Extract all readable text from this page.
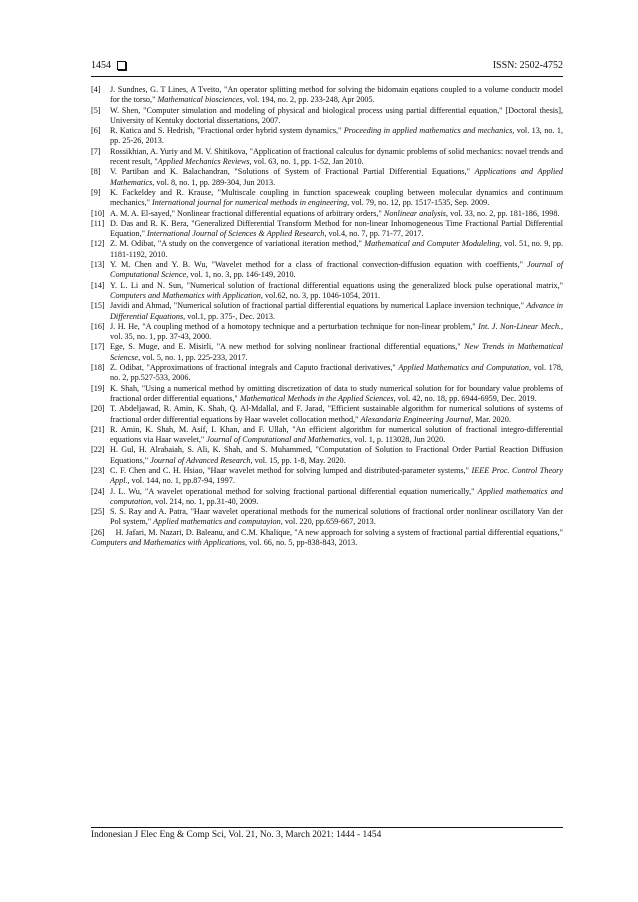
1454	ISSN: 2502-4752
[4] J. Sundnes, G. T Lines, A Tveito, "An operator splitting method for solving the bidomain eqations coupled to a volume conductr model for the torso," Mathematical biosciences, vol. 194, no. 2, pp. 233-248, Apr 2005.
[5] W. Shen, "Computer simulation and modeling of physical and biological process using partial differential equation," [Doctoral thesis], University of Kentuky doctorial dissertations, 2007.
[6] R. Katica and S. Hedrish, "Fractional order hybrid system dynamics," Proceeding in applied mathematics and mechanics, vol. 13, no. 1, pp. 25-26, 2013.
[7] Rossikhian, A. Yuriy and M. V. Shitikova, "Application of fractional calculus for dynamic problems of solid mechanics: novael trends and recent result, "Applied Mechanics Reviews, vol. 63, no. 1, pp. 1-52, Jan 2010.
[8] V. Partiban and K. Balachandran, "Solutions of System of Fractional Partial Differential Equations," Applications and Applied Mathematics, vol. 8, no. 1, pp. 289-304, Jun 2013.
[9] K. Fackeldey and R. Krause, "Multiscale coupling in function spaceweak coupling between molecular dynamics and continuum mechanics," International journal for numerical methods in engineering, vol. 79, no. 12, pp. 1517-1535, Sep. 2009.
[10] A. M. A. El-sayed," Nonlinear fractional differential equations of arbitrary orders," Nonlinear analysis, vol. 33, no. 2, pp. 181-186, 1998.
[11] D. Das and R. K. Bera, "Generalized Differential Transform Method for non-linear Inhomogeneous Time Fractional Partial Differential Equation," International Journal of Sciences & Applied Research, vol.4, no. 7, pp. 71-77, 2017.
[12] Z. M. Odibat, "A study on the convergence of variational iteration method," Mathematical and Computer Moduleling, vol. 51, no. 9, pp. 1181-1192, 2010.
[13] Y. M. Chen and Y. B. Wu, "Wavelet method for a class of fractional convection-diffusion equation with coeffients," Journal of Computational Science, vol. 1, no. 3, pp. 146-149, 2010.
[14] Y. L. Li and N. Sun, "Numerical solution of fractional differential equations using the generalized block pulse operational matrix," Computers and Mathematics with Application, vol.62, no. 3, pp. 1046-1054, 2011.
[15] Javidi and Ahmad, "Numerical solution of fractional partial differential equations by numerical Laplace inversion technique," Advance in Differential Equations, vol.1, pp. 375-, Dec. 2013.
[16] J. H. He, "A coupling method of a homotopy technique and a perturbation technique for non-linear problem," Int. J. Non-Linear Mech., vol. 35, no. 1, pp. 37-43, 2000.
[17] Ege, S. Muge, and E. Misirli, "A new method for solving nonlinear fractional differential equations," New Trends in Mathematical Sciencse, vol. 5, no. 1, pp. 225-233, 2017.
[18] Z. Odibat, "Approximations of fractional integrals and Caputo fractional derivatives," Applied Mathematics and Computation, vol. 178, no. 2, pp.527-533, 2006.
[19] K. Shah, "Using a numerical method by omitting discretization of data to study numerical solution for for boundary value problems of fractional order differential equations," Mathematical Methods in the Applied Sciences, vol. 42, no. 18, pp. 6944-6959, Dec. 2019.
[20] T. Abdeljawad, R. Amin, K. Shah, Q. Al-Mdallal, and F. Jarad, "Efficient sustainable algorithm for numerical solutions of systems of fractional order differential equations by Haar wavelet collocation method," Alexandaria Engineering Journal, Mar. 2020.
[21] R. Amin, K. Shah, M. Asif, I. Khan, and F. Ullah, "An efficient algorithm for numerical solution of fractional integro-differential equations via Haar wavelet," Journal of Computational and Mathematics, vol. 1, p. 113028, Jun 2020.
[22] H. Gul, H. Alrabaiah, S. Ali, K. Shah, and S. Muhammed, "Computation of Solution to Fractional Order Partial Reaction Diffusion Equations," Journal of Advanced Research, vol. 15, pp. 1-8, May. 2020.
[23] C. F. Chen and C. H. Hsiao, "Haar wavelet method for solving lumped and distributed-parameter systems," IEEE Proc. Control Theory Appl., vol. 144, no. 1, pp.87-94, 1997.
[24] J. L. Wu, "A wavelet operational method for solving fractional partional differential equation numerically," Applied mathematics and computation, vol. 214, no. 1, pp.31-40, 2009.
[25] S. S. Ray and A. Patra, "Haar wavelet operational methods for the numerical solutions of fractional order nonlinear oscillatory Van der Pol system," Applied mathematics and computayion, vol. 220, pp.659-667, 2013.
[26] H. Jafari, M. Nazari, D. Baleanu, and C.M. Khalique, "A new approach for solving a system of fractional partial differential equations," Computers and Mathematics with Applications, vol. 66, no. 5, pp-838-843, 2013.
Indonesian J Elec Eng & Comp Sci, Vol. 21, No. 3, March 2021: 1444 - 1454
